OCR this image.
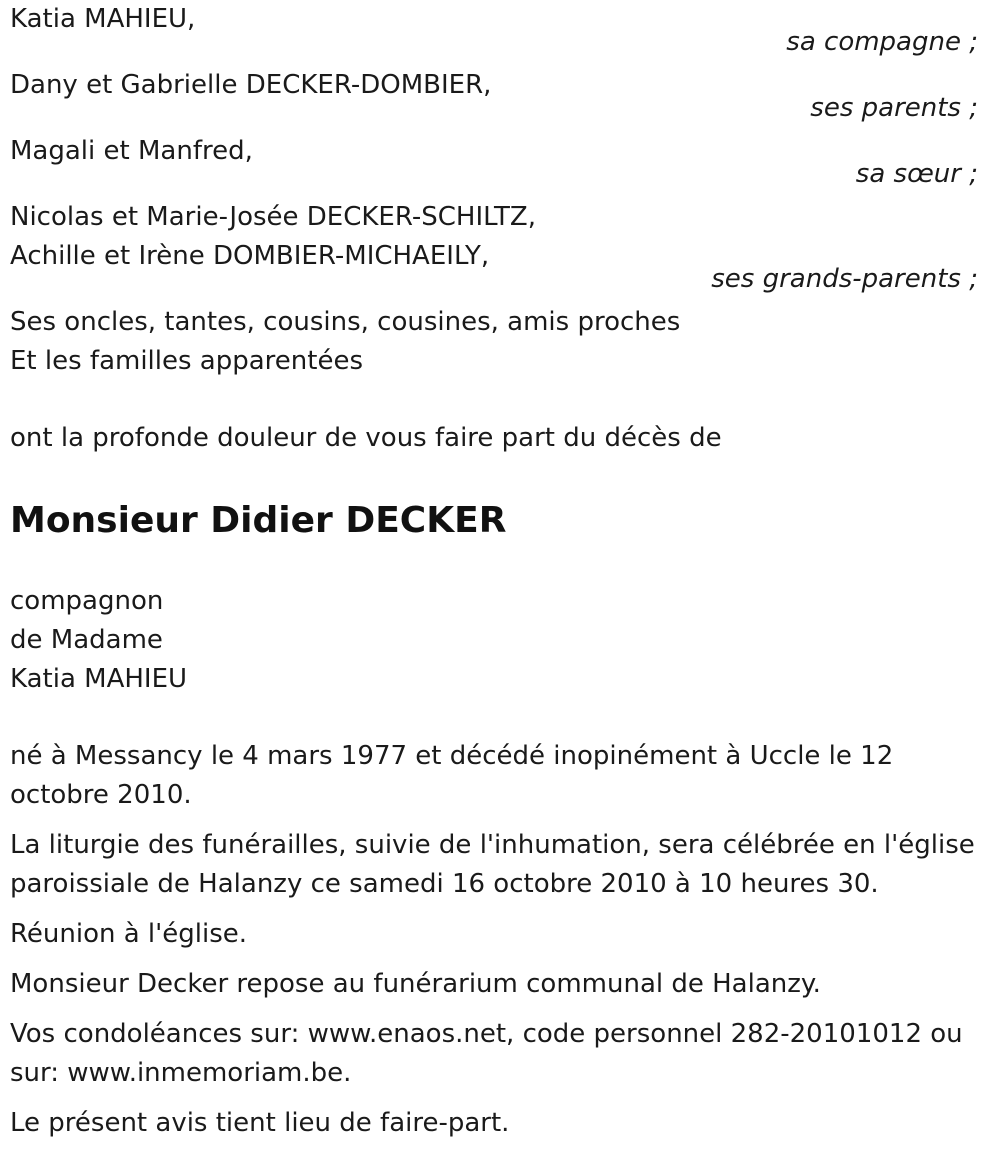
Katia MAHIEU,

sa compagne ;

Dany et Gabrielle DECKER-DOMBIER,

ses parents ;

Magali et Manfred,

sa sœur ;

Nicolas et Marie-Josée DECKER-SCHILTZ,

Achille et Irène DOMBIER-MICHAEILY,

ses grands-parents ;

Ses oncles, tantes, cousins, cousines, amis proches

Et les familles apparentées

ont la profonde douleur de vous faire part du décès de

Monsieur Didier DECKER

compagnon

de Madame

Katia MAHIEU

né à Messancy le 4 mars 1977 et décédé inopinément à Uccle le 12 octobre 2010.

La liturgie des funérailles, suivie de l'inhumation, sera célébrée en l'église paroissiale de Halanzy ce samedi 16 octobre 2010 à 10 heures 30.

Réunion à l'église.

Monsieur Decker repose au funérarium communal de Halanzy.

Vos condoléances sur: www.enaos.net, code personnel 282-20101012 ou sur: www.inmemoriam.be.

Le présent avis tient lieu de faire-part.
